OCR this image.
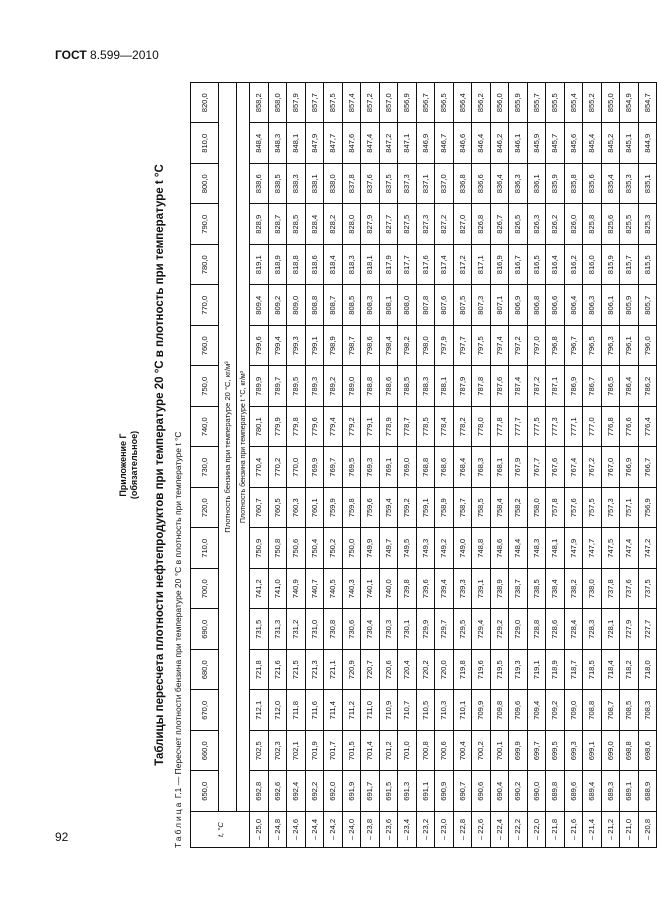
ГОСТ 8.599—2010
Приложение Г (обязательное) Таблицы пересчета плотности нефтепродуктов при температуре 20 °С в плотность при температуре t °С
Таблица Г.1 — Пересчет плотности бензина при температуре 20 °С в плотность при температуре t °С
t, °С	650,0	660,0	670,0	680,0	690,0	700,0	710,0	720,0	730,0	740,0	750,0	760,0	770,0	780,0	790,0	800,0	810,0	820,0
	Плотность бензина при температуре 20 °С, кг/м³																	
	Плотность бензина при температуре t °С, кг/м³																	
– 25,0	692,8	702,5	712,1	721,8	731,5	741,2	750,9	760,7	770,4	780,1	789,9	799,6	809,4	819,1	828,9	838,6	848,4	858,2
– 24,8	692,6	702,3	712,0	721,6	731,3	741,0	750,8	760,5	770,2	779,9	789,7	799,4	809,2	818,9	828,7	838,5	848,3	858,0
– 24,6	692,4	702,1	711,8	721,5	731,2	740,9	750,6	760,3	770,0	779,8	789,5	799,3	809,0	818,8	828,5	838,3	848,1	857,9
– 24,4	692,2	701,9	711,6	721,3	731,0	740,7	750,4	760,1	769,9	779,6	789,3	799,1	808,8	818,6	828,4	838,1	847,9	857,7
– 24,2	692,0	701,7	711,4	721,1	730,8	740,5	750,2	759,9	769,7	779,4	789,2	798,9	808,7	818,4	828,2	838,0	847,7	857,5
– 24,0	691,9	701,5	711,2	720,9	730,6	740,3	750,0	759,8	769,5	779,2	789,0	798,7	808,5	818,3	828,0	837,8	847,6	857,4
– 23,8	691,7	701,4	711,0	720,7	730,4	740,1	749,9	759,6	769,3	779,1	788,8	798,6	808,3	818,1	827,9	837,6	847,4	857,2
– 23,6	691,5	701,2	710,9	720,6	730,3	740,0	749,7	759,4	769,1	778,9	788,6	798,4	808,1	817,9	827,7	837,5	847,2	857,0
– 23,4	691,3	701,0	710,7	720,4	730,1	739,8	749,5	759,2	769,0	778,7	788,5	798,2	808,0	817,7	827,5	837,3	847,1	856,9
– 23,2	691,1	700,8	710,5	720,2	729,9	739,6	749,3	759,1	768,8	778,5	788,3	798,0	807,8	817,6	827,3	837,1	846,9	856,7
– 23,0	690,9	700,6	710,3	720,0	729,7	739,4	749,2	758,9	768,6	778,4	788,1	797,9	807,6	817,4	827,2	837,0	846,7	856,5
– 22,8	690,7	700,4	710,1	719,8	729,5	739,3	749,0	758,7	768,4	778,2	787,9	797,7	807,5	817,2	827,0	836,8	846,6	856,4
– 22,6	690,6	700,2	709,9	719,6	729,4	739,1	748,8	758,5	768,3	778,0	787,8	797,5	807,3	817,1	826,8	836,6	846,4	856,2
– 22,4	690,4	700,1	709,8	719,5	729,2	738,9	748,6	758,4	768,1	777,8	787,6	797,4	807,1	816,9	826,7	836,4	846,2	856,0
– 22,2	690,2	699,9	709,6	719,3	729,0	738,7	748,4	758,2	767,9	777,7	787,4	797,2	806,9	816,7	826,5	836,3	846,1	855,9
– 22,0	690,0	699,7	709,4	719,1	728,8	738,5	748,3	758,0	767,7	777,5	787,2	797,0	806,8	816,5	826,3	836,1	845,9	855,7
– 21,8	689,8	699,5	709,2	718,9	728,6	738,4	748,1	757,8	767,6	777,3	787,1	796,8	806,6	816,4	826,2	835,9	845,7	855,5
– 21,6	689,6	699,3	709,0	718,7	728,4	738,2	747,9	757,6	767,4	777,1	786,9	796,7	806,4	816,2	826,0	835,8	845,6	855,4
– 21,4	689,4	699,1	708,8	718,5	728,3	738,0	747,7	757,5	767,2	777,0	786,7	796,5	806,3	816,0	825,8	835,6	845,4	855,2
– 21,2	689,3	699,0	708,7	718,4	728,1	737,8	747,5	757,3	767,0	776,8	786,5	796,3	806,1	815,9	825,6	835,4	845,2	855,0
– 21,0	689,1	698,8	708,5	718,2	727,9	737,6	747,4	757,1	766,9	776,6	786,4	796,1	805,9	815,7	825,5	835,3	845,1	854,9
– 20,8	688,9	698,6	708,3	718,0	727,7	737,5	747,2	756,9	766,7	776,4	786,2	796,0	805,7	815,5	825,3	835,1	844,9	854,7
92
